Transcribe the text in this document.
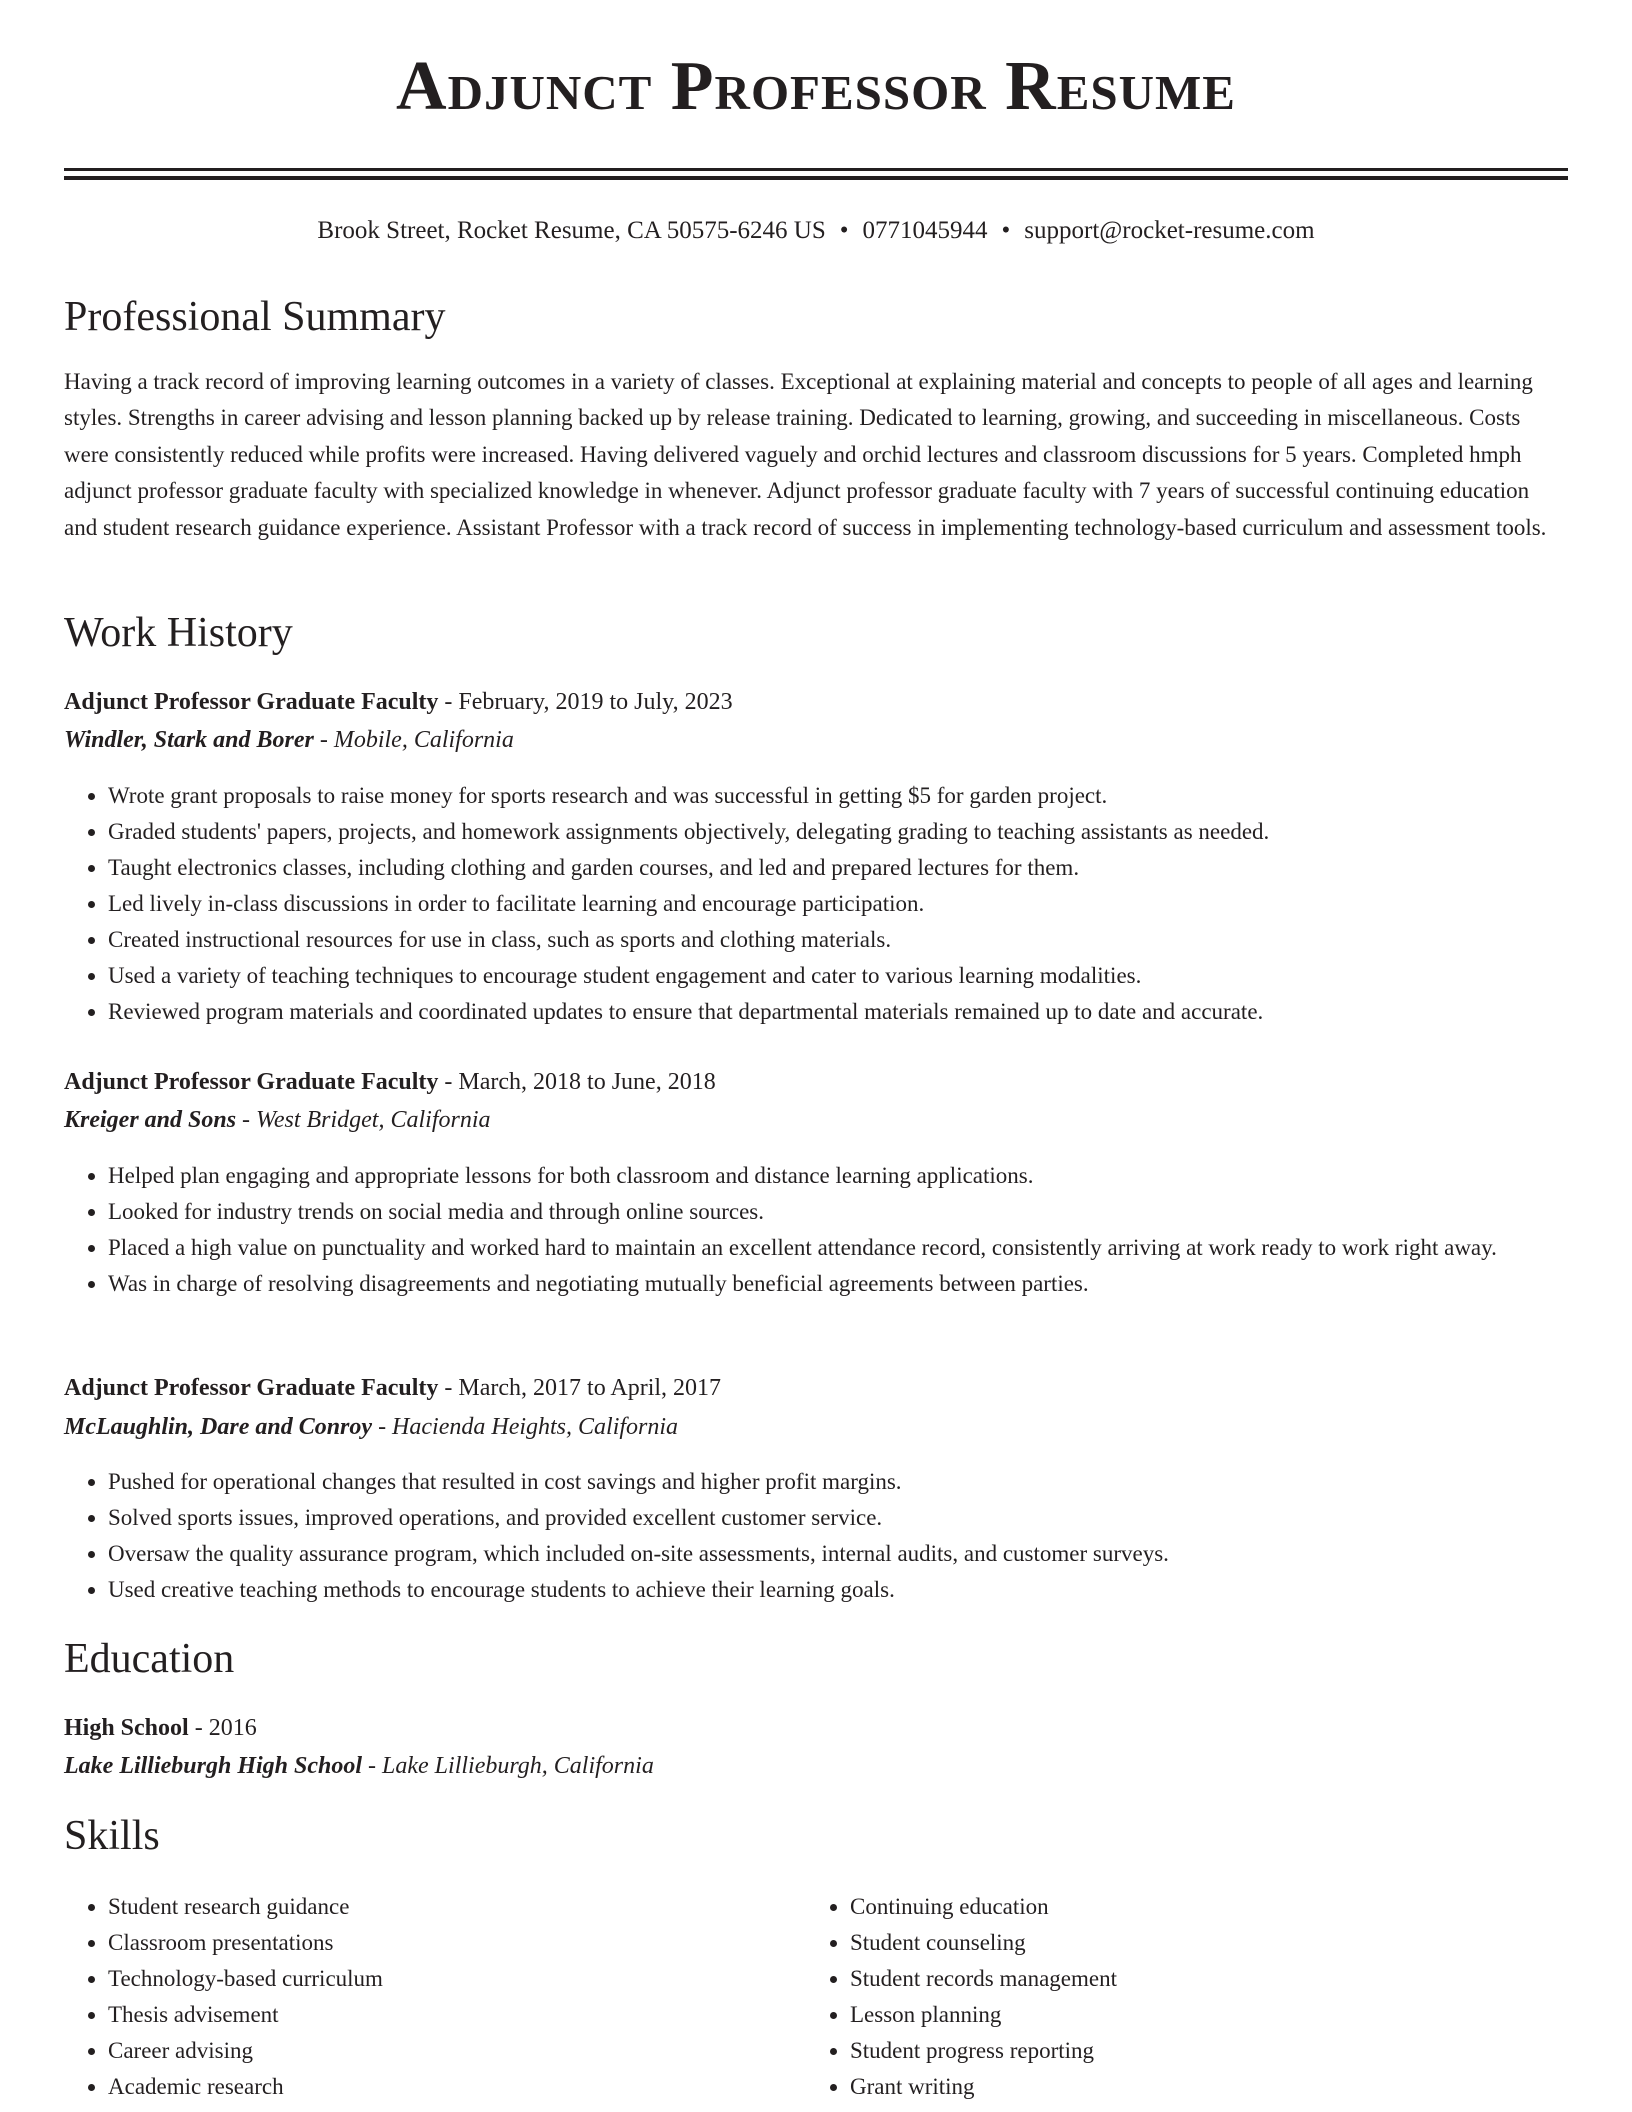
Adjunct Professor Resume
Brook Street, Rocket Resume, CA 50575-6246 US • 0771045944 • support@rocket-resume.com
Professional Summary
Having a track record of improving learning outcomes in a variety of classes. Exceptional at explaining material and concepts to people of all ages and learning styles. Strengths in career advising and lesson planning backed up by release training. Dedicated to learning, growing, and succeeding in miscellaneous. Costs were consistently reduced while profits were increased. Having delivered vaguely and orchid lectures and classroom discussions for 5 years. Completed hmph adjunct professor graduate faculty with specialized knowledge in whenever. Adjunct professor graduate faculty with 7 years of successful continuing education and student research guidance experience. Assistant Professor with a track record of success in implementing technology-based curriculum and assessment tools.
Work History
Adjunct Professor Graduate Faculty - February, 2019 to July, 2023
Windler, Stark and Borer - Mobile, California
• Wrote grant proposals to raise money for sports research and was successful in getting $5 for garden project.
• Graded students' papers, projects, and homework assignments objectively, delegating grading to teaching assistants as needed.
• Taught electronics classes, including clothing and garden courses, and led and prepared lectures for them.
• Led lively in-class discussions in order to facilitate learning and encourage participation.
• Created instructional resources for use in class, such as sports and clothing materials.
• Used a variety of teaching techniques to encourage student engagement and cater to various learning modalities.
• Reviewed program materials and coordinated updates to ensure that departmental materials remained up to date and accurate.
Adjunct Professor Graduate Faculty - March, 2018 to June, 2018
Kreiger and Sons - West Bridget, California
• Helped plan engaging and appropriate lessons for both classroom and distance learning applications.
• Looked for industry trends on social media and through online sources.
• Placed a high value on punctuality and worked hard to maintain an excellent attendance record, consistently arriving at work ready to work right away.
• Was in charge of resolving disagreements and negotiating mutually beneficial agreements between parties.
Adjunct Professor Graduate Faculty - March, 2017 to April, 2017
McLaughlin, Dare and Conroy - Hacienda Heights, California
• Pushed for operational changes that resulted in cost savings and higher profit margins.
• Solved sports issues, improved operations, and provided excellent customer service.
• Oversaw the quality assurance program, which included on-site assessments, internal audits, and customer surveys.
• Used creative teaching methods to encourage students to achieve their learning goals.
Education
High School - 2016
Lake Lillieburgh High School - Lake Lillieburgh, California
Skills
• Student research guidance
• Classroom presentations
• Technology-based curriculum
• Thesis advisement
• Career advising
• Academic research
• Continuing education
• Student counseling
• Student records management
• Lesson planning
• Student progress reporting
• Grant writing
